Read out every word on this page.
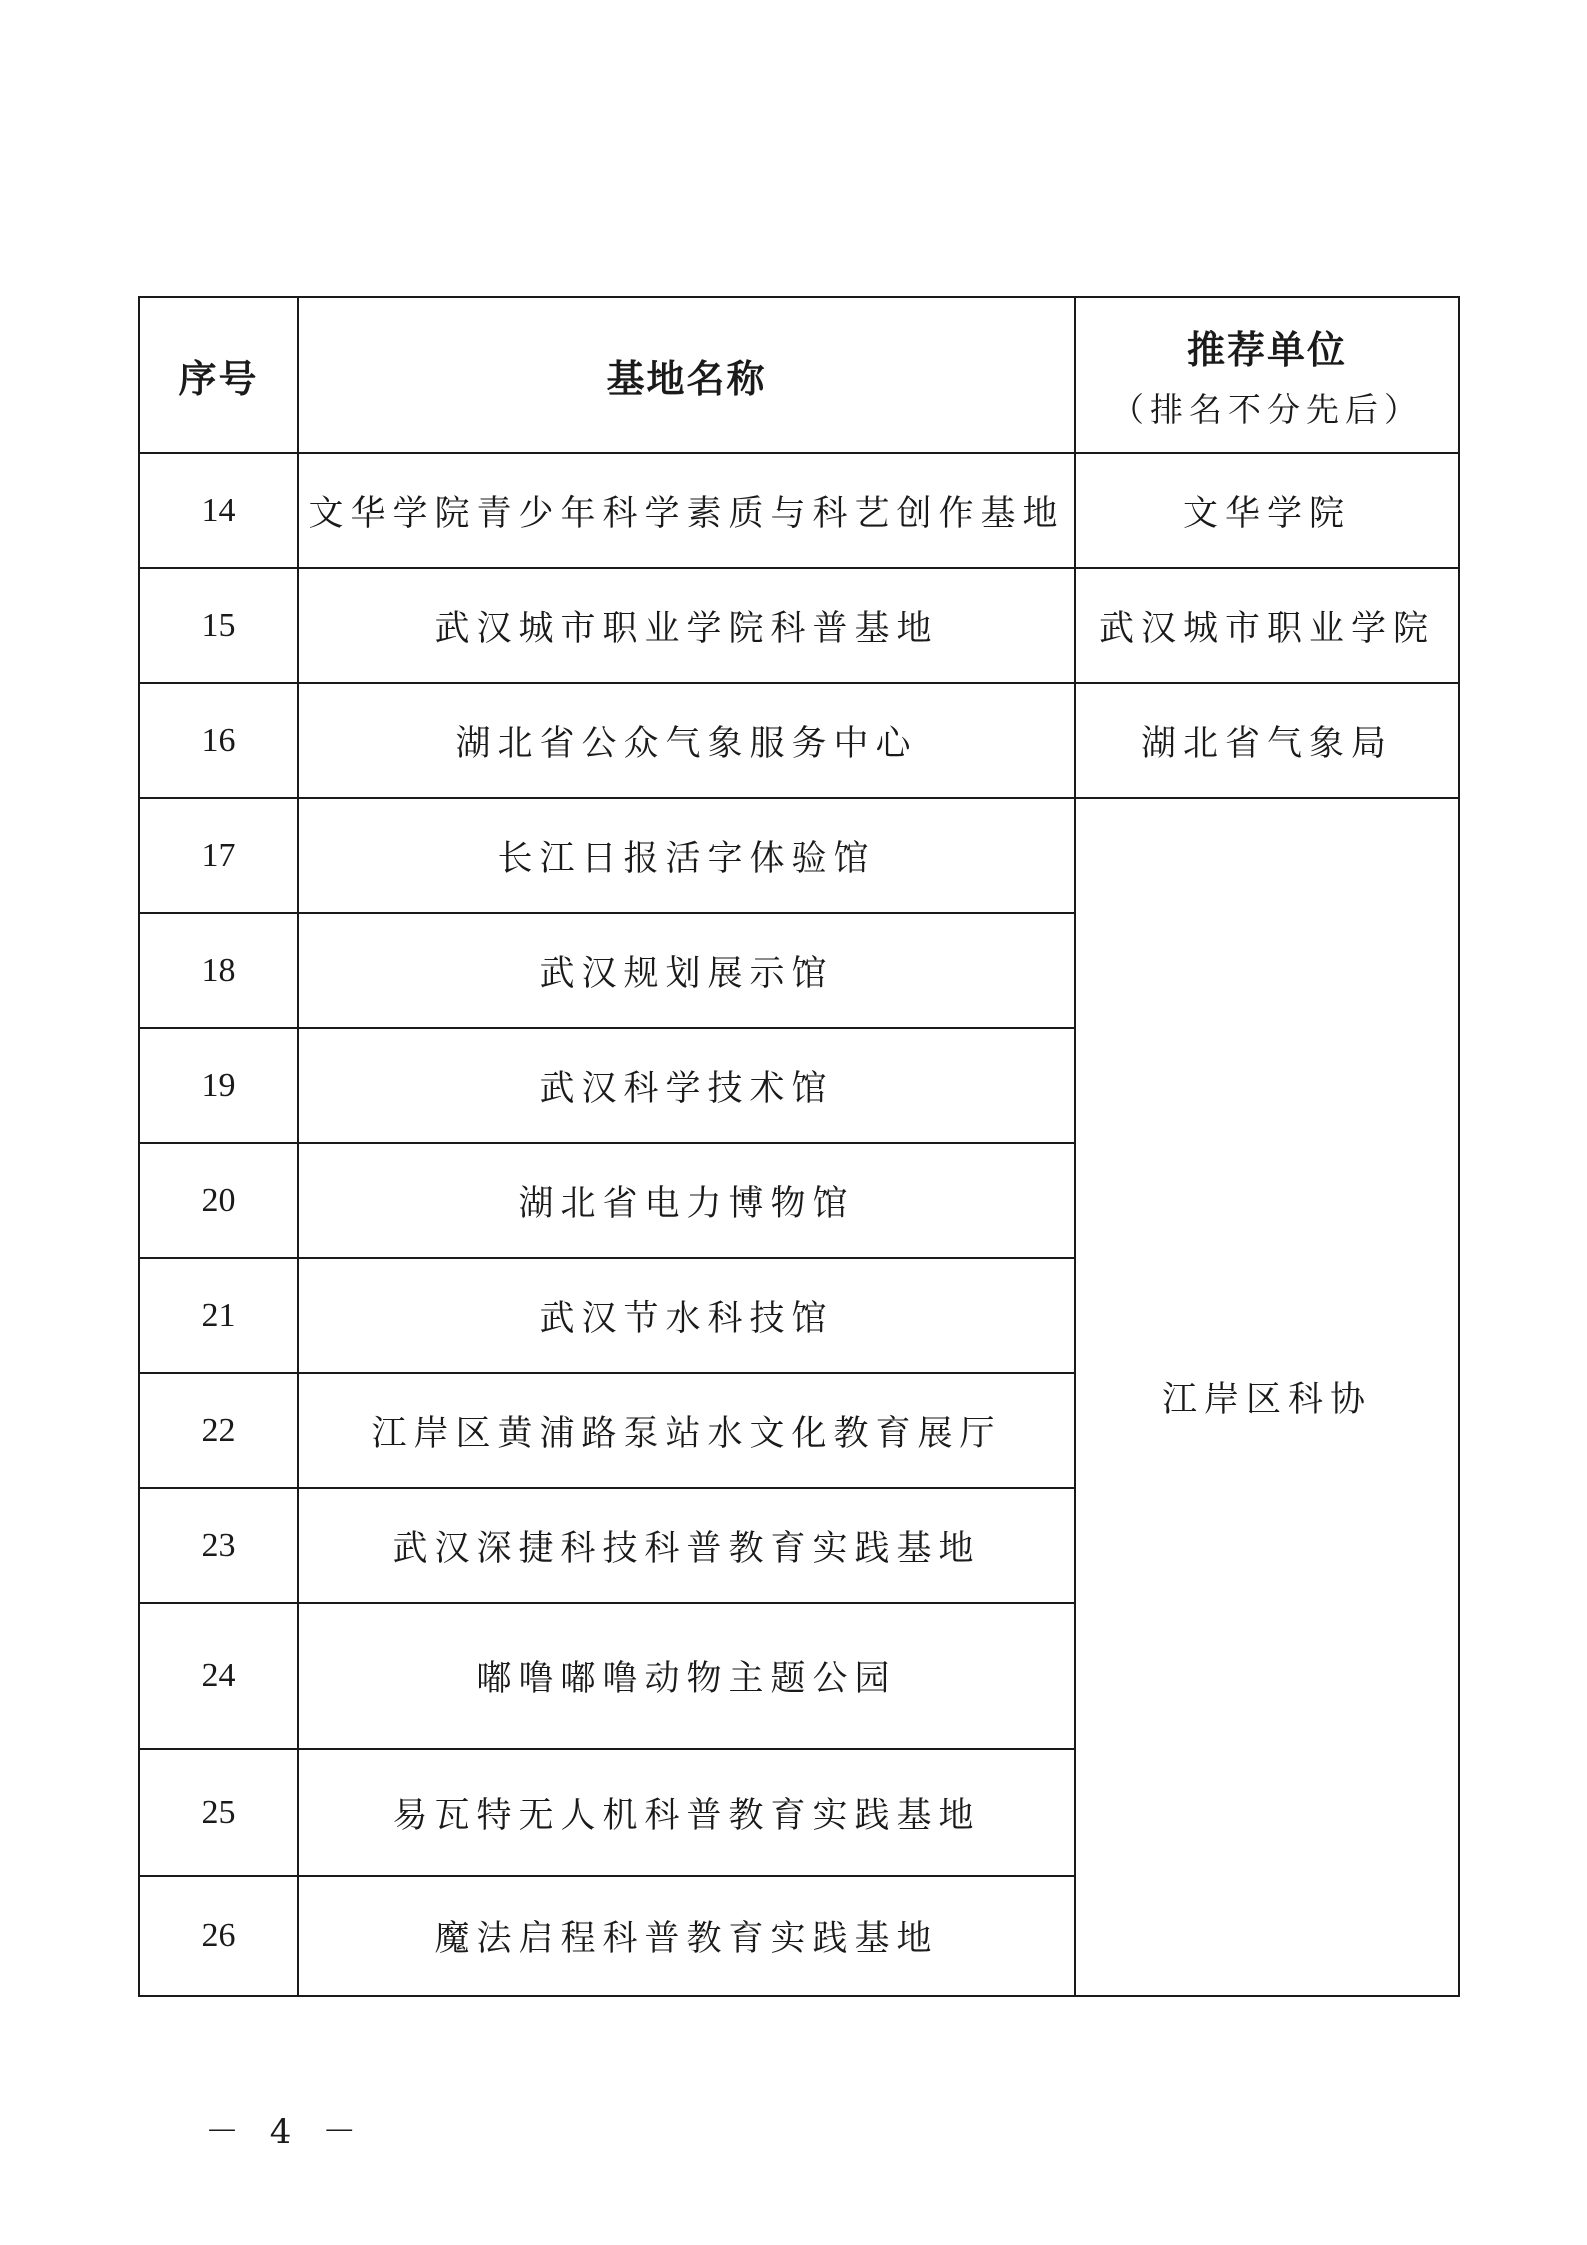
序号	基地名称	推荐单位
（排名不分先后）

14	文华学院青少年科学素质与科艺创作基地	文华学院
15	武汉城市职业学院科普基地	武汉城市职业学院
16	湖北省公众气象服务中心	湖北省气象局
17	长江日报活字体验馆	江岸区科协
18	武汉规划展示馆	
19	武汉科学技术馆	
20	湖北省电力博物馆	
21	武汉节水科技馆	
22	江岸区黄浦路泵站水文化教育展厅	
23	武汉深捷科技科普教育实践基地	
24	嘟噜嘟噜动物主题公园	
25	易瓦特无人机科普教育实践基地	
26	魔法启程科普教育实践基地	
－ 4 －
